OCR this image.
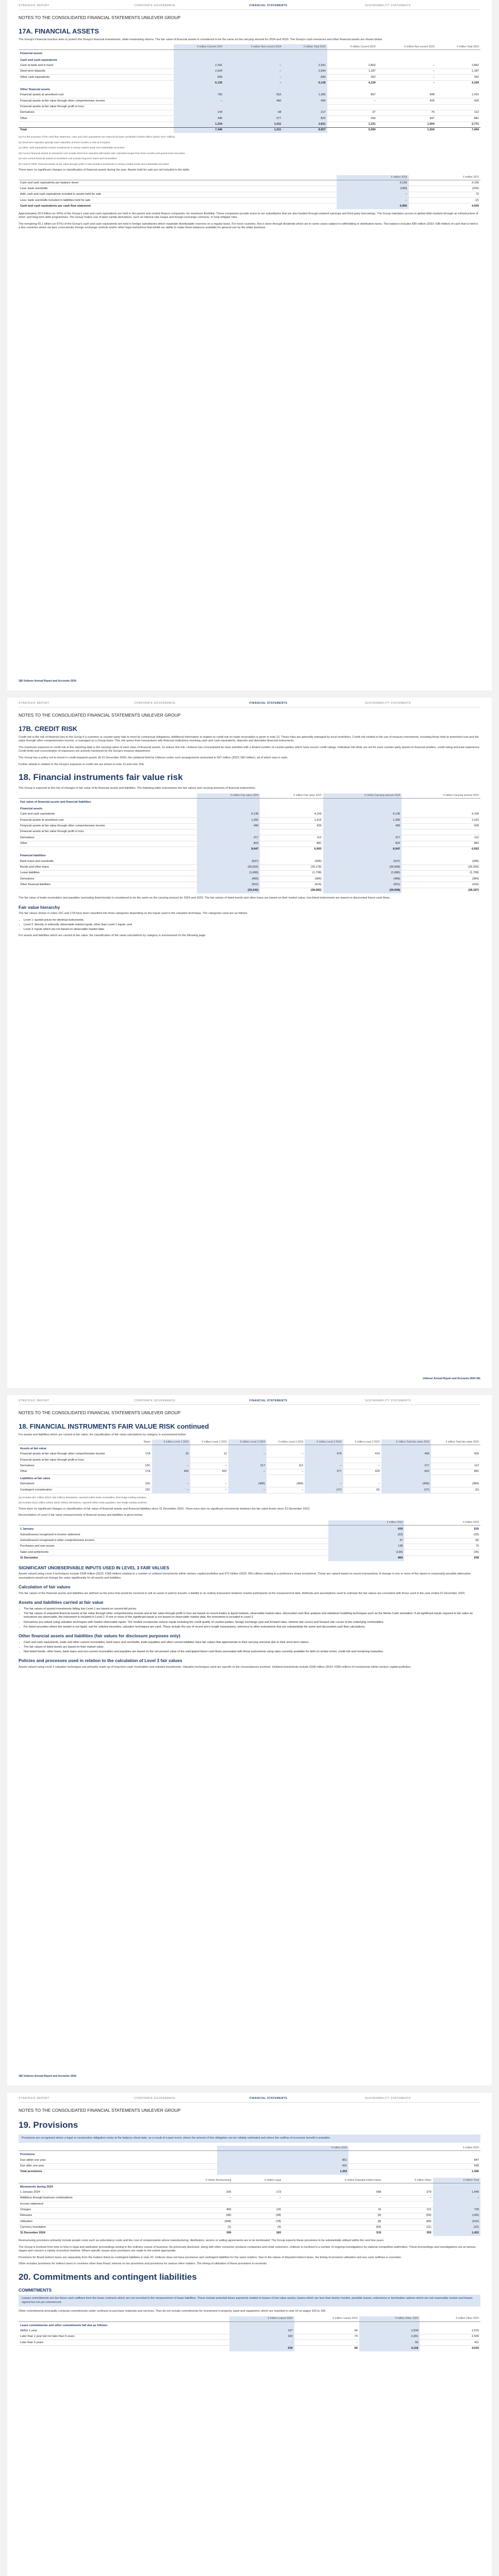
STRATEGIC REPORT	CORPORATE GOVERNANCE	FINANCIAL STATEMENTS	SUSTAINABILITY STATEMENTS
NOTES TO THE CONSOLIDATED FINANCIAL STATEMENTS UNILEVER GROUP
17A. FINANCIAL ASSETS

The Group's Financial function aims to protect the Group's financial investments, while maximising returns. The fair value of financial assets is considered to be the same as the carrying amount for 2024 and 2023. The Group's cash resources and other financial assets are shown below.

	€ million Current 2024	€ million Non-current 2024	€ million Total 2024	€ million Current 2023	€ million Non-current 2023	€ million Total 2023
Financial assets						
Cash and cash equivalents						
Cash at bank and in hand	2,341	–	2,341	2,862	–	2,862
Short-term deposits	2,934	–	2,934	1,187	–	1,187
Other cash equivalents	839	–	839	262	–	262
	6,136	–	6,136	4,159	–	4,159
Other financial assets						
Financial assets at amortised cost	730	552	1,282	867	548	1,415
Financial assets at fair value through other comprehensive income	–	490	490	–	426	426
Financial assets at fair value through profit or loss:						
Derivatives	144	68	217	37	75	112
Other	445	377	822	434	447	881
	1,319	1,511	2,811	1,331	1,504	2,771
Total	7,446	1,511	8,957	5,990	1,504	7,494
(a) For the purposes of the cash flow statement, cash and cash equivalents are reduced by bank overdrafts of €233 million (2023: €217 million).
(b) Short-term deposits typically have maturities of three months or less at inception.
(c) Other cash equivalents include investments in money market funds and marketable securities.
(d) Current financial assets at amortised cost include short-term deposits with banks with maturities longer than three months and government securities.
(e) Non-current financial assets at amortised cost include long-term loans and receivables.
(f) Current 'Other' financial assets at fair value through profit or loss include investments in money market funds and marketable securities.

There were no significant changes in classification of financial assets during the year. Assets held for sale are not included in the table.

	€ million 2024	€ million 2023
Cash and cash equivalents per balance sheet	6,136	4,159
Less: bank overdrafts	(180)	(220)
Add: cash and cash equivalents included in assets held for sale	–	72
Less: bank overdrafts included in liabilities held for sale	–	(2)
Cash and cash equivalents per cash flow statement	5,956	4,009

Approximately €0.9 billion (or 40%) of the Group's cash and cash equivalents are held in the parent and central finance companies, for maximum flexibility. These companies provide loans to our subsidiaries that are also funded through retained earnings and third-party borrowings. The Group maintains access to global debt markets through an infrastructure of short- and long-term debt programmes. The Group makes use of plain vanilla derivatives, such as interest rate swaps and foreign exchange contracts, to help mitigate risks.

The remaining €5.1 billion (or 87%) of the Group's cash and cash equivalents are held in foreign subsidiaries which repatriate distributable reserves on a regular basis. For most countries, this is done through dividends which are in some cases subject to withholding or distribution taxes. This balance includes €80 million (2023: €98 million) of cash that is held in a few countries where we face cross-border foreign exchange controls and/or other legal restrictions that inhibit our ability to make these balances available for general use by the wider business.

180 Unilever Annual Report and Accounts 2024
STRATEGIC REPORT	CORPORATE GOVERNANCE	FINANCIAL STATEMENTS	SUSTAINABILITY STATEMENTS
NOTES TO THE CONSOLIDATED FINANCIAL STATEMENTS UNILEVER GROUP
17B. CREDIT RISK

Credit risk is the risk of financial loss to the Group if a customer or counter-party fails to meet its contractual obligations. Additional information in relation to credit risk on trade receivables is given in note 13. These risks are generally managed by local controllers. Credit risk related to the use of treasury instruments, including those held at amortised cost and fair value through other comprehensive income, is managed on a Group basis. This risk arises from transactions with financial institutions involving cash and cash equivalents, deposits and derivative financial instruments.

The maximum exposure to credit risk at the reporting date is the carrying value of each class of financial assets. To reduce this risk, Unilever has concentrated its main activities with a limited number of counter-parties which have secure credit ratings. Individual risk limits are set for each counter-party based on financial position, credit rating and past experience. Credit limits and concentration of exposures are actively monitored by the Group's treasury department.

The Group has a policy not to invest in credit-impaired assets. At 31 December 2024, the collateral held by Unilever under such arrangements amounted to €97 million (2023: €82 million), all of which was in cash.

Further details in relation to the Group's exposure to credit risk are shown in note 13 and note 15A.

18. Financial instruments fair value risk

The Group is exposed to the risk of changes in fair value of its financial assets and liabilities. The following table summarises the fair values and carrying amounts of financial instruments.

	€ million Fair value 2024	€ million Fair value 2023	€ million Carrying amount 2024	€ million Carrying amount 2023
Fair value of financial assets and financial liabilities				
Financial assets				
Cash and cash equivalents	6,136	4,159	6,136	4,159
Financial assets at amortised cost	1,282	1,415	1,282	1,415
Financial assets at fair value through other comprehensive income	490	426	490	426
Financial assets at fair value through profit or loss:				
Derivatives	217	112	217	112
Other	822	881	822	881
	8,947	6,993	8,947	6,993
Financial liabilities				
Bank loans and overdrafts	(537)	(396)	(537)	(396)
Bonds and other loans	(26,002)	(25,178)	(26,668)	(25,283)
Lease liabilities	(1,686)	(1,708)	(1,686)	(1,708)
Derivatives	(466)	(384)	(466)	(384)
Other financial liabilities	(551)	(416)	(551)	(416)
	(29,242)	(28,082)	(29,908)	(28,187)

The fair value of trade receivables and payables (excluding listed bonds) is considered to be the same as the carrying amount for 2024 and 2023. The fair values of listed bonds and other loans are based on their market value; non-listed instruments are based on discounted future cash flows.

Fair value hierarchy

The fair values shown in notes 15C and 17A have been classified into three categories depending on the inputs used in the valuation technique. The categories used are as follows:

• Level 1: quoted prices for identical instruments;
• Level 2: directly or indirectly observable market inputs, other than Level 1 inputs; and
• Level 3: inputs which are not based on observable market data.

For assets and liabilities which are carried at fair value, the classification of fair value calculations by category is summarised on the following page.

Unilever Annual Report and Accounts 2024 181
STRATEGIC REPORT	CORPORATE GOVERNANCE	FINANCIAL STATEMENTS	SUSTAINABILITY STATEMENTS
NOTES TO THE CONSOLIDATED FINANCIAL STATEMENTS UNILEVER GROUP
18. FINANCIAL INSTRUMENTS FAIR VALUE RISK continued

For assets and liabilities which are carried at fair value, the classification of fair value calculations by category is summarised below:

	Notes	€ million Level 1 2024	€ million Level 1 2023	€ million Level 2 2024	€ million Level 2 2023	€ million Level 3 2024	€ million Level 3 2023	€ million Total fair value 2024	€ million Total fair value 2023
Assets at fair value									
Financial assets at fair value through other comprehensive income	17A	15	12	–	–	475	414	490	426
Financial assets at fair value through profit or loss:									
Derivatives	15C	–	–	217	112	–	–	217	112
Other	17A	445	452	–	–	377	429	822	881
Liabilities at fair value									
Derivatives	15C	–	–	(466)	(384)	–	–	(466)	(384)
Contingent consideration	15C	–	–	–	–	(17)	(5)	(17)	(5)
(a) Includes €97 million (2023: €82 million) derivatives, reported within trade receivables, that hedge trading activities.
(b) Includes €(21) million (2023: €(45) million) derivatives, reported within trade payables, that hedge trading activities.

There were no significant changes in classification of fair value of financial assets and financial liabilities since 31 December 2023. There were also no significant movements between the fair value levels since 31 December 2023.

Reconciliation of Level 3 fair value measurements of financial assets and liabilities is given below:

	€ million 2024	€ million 2023
1 January	838	835
Gains/(losses) recognised in income statement	(33)	(33)
Gains/(losses) recognised in other comprehensive income	47	(8)
Purchases and new issues	138	70
Sales and settlements	(130)	(26)
31 December	860	838
SIGNIFICANT UNOBSERVABLE INPUTS USED IN LEVEL 3 FAIR VALUES

Assets valued using Level 3 techniques include €338 million (2023: €289 million) relating to a number of unlisted investments within venture capital portfolios and €70 million (2023: €56 million) relating to a preference share investment. These are valued based on recent transactions. A change in one or more of the inputs to reasonably possible alternative assumptions would not change the value significantly for all assets and liabilities.

Calculation of fair values

The fair values of the financial assets and liabilities are defined as the price that would be received to sell an asset or paid to transfer a liability in an orderly transaction between market participants at the measurement date. Methods and assumptions used to estimate the fair values are consistent with those used in the year ended 31 December 2023.

Assets and liabilities carried at fair value
• The fair values of quoted investments falling into Level 1 are based on current bid prices.
• The fair values of unquoted financial assets at fair value through other comprehensive income and at fair value through profit or loss are based on recent trades in liquid markets, observable market rates, discounted cash flow analysis and statistical modelling techniques such as the Monte Carlo simulation. If all significant inputs required to fair value an instrument are observable, the instrument is included in Level 2. If one or more of the significant inputs is not based on observable market data, the instrument is included in Level 3.
• Derivatives are valued using valuation techniques with market observable inputs. The models incorporate various inputs including the credit quality of counter-parties, foreign exchange spot and forward rates, interest rate curves and forward rate curves of the underlying commodities.
• For listed securities where the market is not liquid, and for unlisted securities, valuation techniques are used. These include the use of recent arm's length transactions, reference to other instruments that are substantially the same and discounted cash flow calculations.
Other financial assets and liabilities (fair values for disclosure purposes only)
• Cash and cash equivalents, trade and other current receivables, bank loans and overdrafts, trade payables and other current liabilities have fair values that approximate to their carrying amounts due to their short-term nature.
• The fair values of listed bonds are based on their market value.
• Non-listed bonds, other loans, bank loans and non-current receivables and payables are based on the net present value of the anticipated future cash flows associated with these instruments using rates currently available for debt on similar terms, credit risk and remaining maturities.
Policies and processes used in relation to the calculation of Level 3 fair values

Assets valued using Level 3 valuation techniques are primarily made up of long-term cash receivables and unlisted investments. Valuation techniques used are specific to the circumstances involved. Unlisted investments include €338 million (2023: €289 million) of investments within venture capital portfolios.

182 Unilever Annual Report and Accounts 2024
STRATEGIC REPORT	CORPORATE GOVERNANCE	FINANCIAL STATEMENTS	SUSTAINABILITY STATEMENTS
NOTES TO THE CONSOLIDATED FINANCIAL STATEMENTS UNILEVER GROUP
19. Provisions
Provisions are recognised where a legal or constructive obligation exists at the balance sheet date, as a result of a past event, where the amount of the obligation can be reliably estimated and where the outflow of economic benefit is probable.
	€ million 2024	€ million 2023
Provisions		
Due within one year	851	847
Due after one year	601	599
Total provisions	1,452	1,446
	€ million Restructuring	€ million Legal	€ million Disputed indirect taxes	€ million Other	€ million Total
Movements during 2024					
1 January 2024	326	173	568	379	1,446
Additions through business combinations	–	–	–	–	–
Income statement:					
Charges	466	126	16	121	729
Releases	(46)	(38)	(6)	(50)	(140)
Utilisation	(346)	(78)	(8)	(84)	(516)
Currency translation	(1)	(4)	(55)	(11)	(22)
31 December 2024	399	183	515	355	1,452

Restructuring provisions primarily include people costs such as redundancy costs and the cost of compensation where manufacturing, distribution, service or selling agreements are to be terminated. The Group expects these provisions to be substantially utilised within the next few years.

The Group is involved from time to time in legal and arbitration proceedings arising in the ordinary course of business. As previously disclosed, along with other consumer products companies and retail customers, Unilever is involved in a number of ongoing investigations by national competition authorities. These proceedings and investigations are at various stages and concern a variety of product markets. Where specific issues arise provisions are made to the extent appropriate.

Provisions for Brazil indirect taxes are separately from the matters listed as contingent liabilities in note 20. Unilever does not have provisions and contingent liabilities for the same matters. Due to the nature of disputed indirect taxes, the timing of provision utilisation and any cash outflows is uncertain.

Other includes provisions for indirect taxes in countries other than Brazil, interest on tax provisions and provisions for various other matters. The timing of utilisation of these provisions is uncertain.

20. Commitments and contingent liabilities
COMMITMENTS
Leases commitments are the future cash outflows from the lease contracts which are not recorded in the measurement of lease liabilities. These include potential future payments related to leases of low value assets, leases which are less than twelve months, possible leases, extensions or termination options which are not reasonably certain and leases signed but not yet commenced.

Other commitments principally comprise commitments under contracts to purchase materials and services. They do not include commitments for investment in property, plant and equipment, which are reported in note 10 on pages 163 to 165.

	€ million Leases 2024	€ million Leases 2023	€ million Other 2024	€ million Other 2023
Lease commitments and other commitments fall due as follows:				
Within 1 year	197	94	1,634	1,515
Later than 1 year but not later than 5 years	332	74	2,391	2,530
Later than 5 years	-	-	93	411
	530	68	4,118	4,516
